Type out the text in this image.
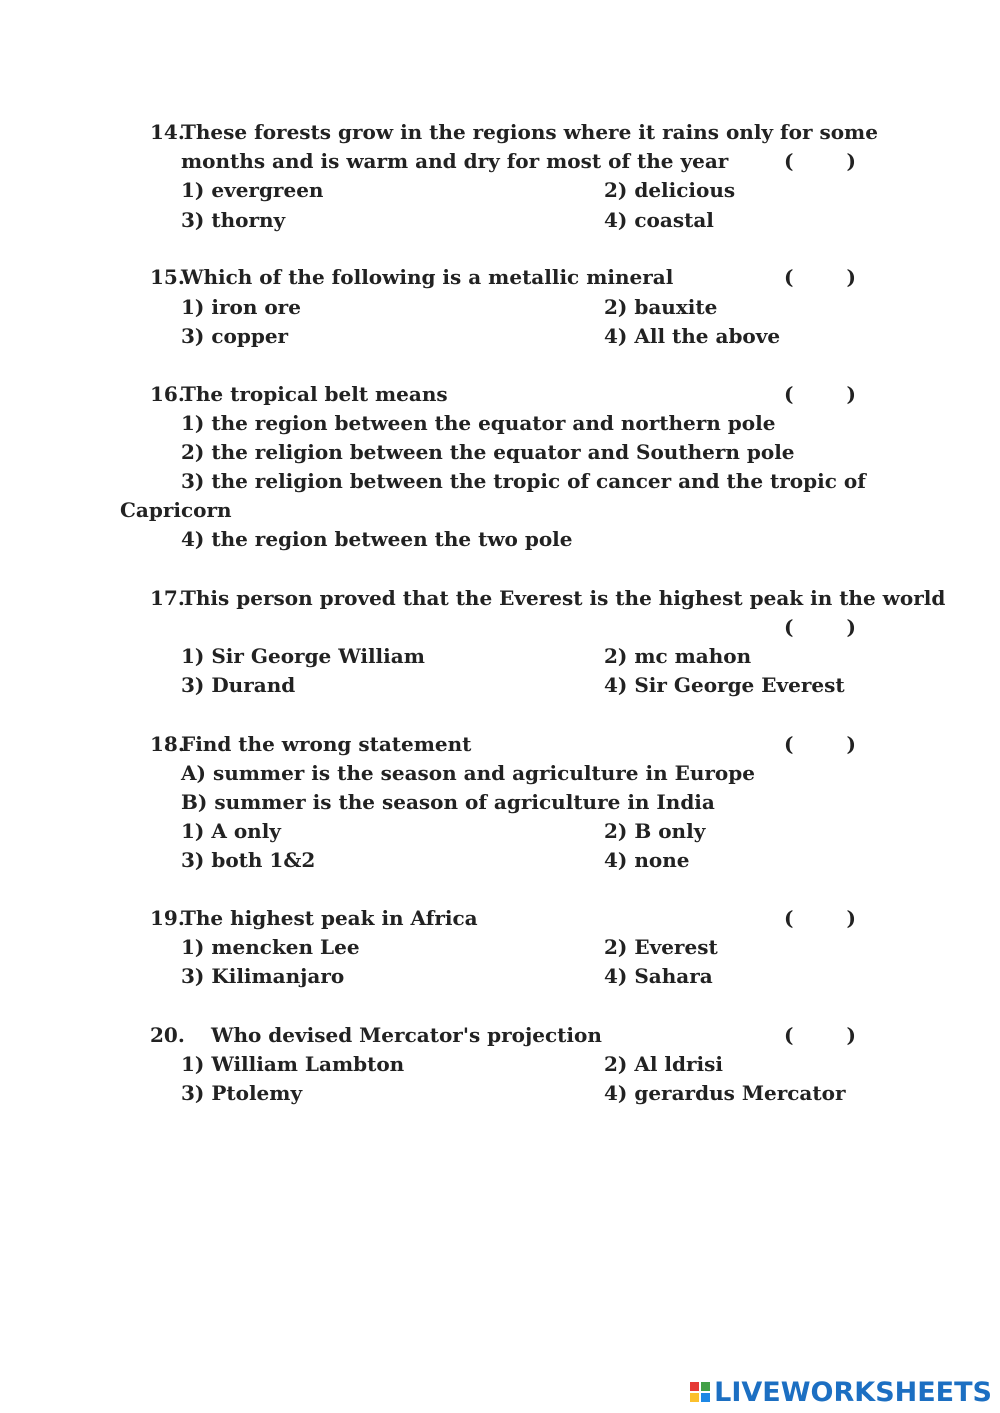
14.
These forests grow in the regions where it rains only for some
months and is warm and dry for most of the year	(	)
1) evergreen	2) delicious
3) thorny	4) coastal
15.
Which of the following is a metallic mineral	(	)
1) iron ore	2) bauxite
3) copper	4) All the above
16.
The tropical belt means	(	)
1) the region between the equator and northern pole
2) the religion between the equator and Southern pole
3) the religion between the tropic of cancer and the tropic of
Capricorn
4) the region between the two pole
17.
This person proved that the Everest is the highest peak in the world
(	)
1) Sir George William	2) mc mahon
3) Durand	4) Sir George Everest
18.
Find the wrong statement	(	)
A) summer is the season and agriculture in Europe
B) summer is the season of agriculture in India
1) A only	2) B only
3) both 1&2	4) none
19.
The highest peak in Africa	(	)
1) mencken Lee	2) Everest
3) Kilimanjaro	4) Sahara
20. Who devised Mercator's projection	(	)
1) William Lambton	2) Al ldrisi
3) Ptolemy	4) gerardus Mercator
LIVEWORKSHEETS
